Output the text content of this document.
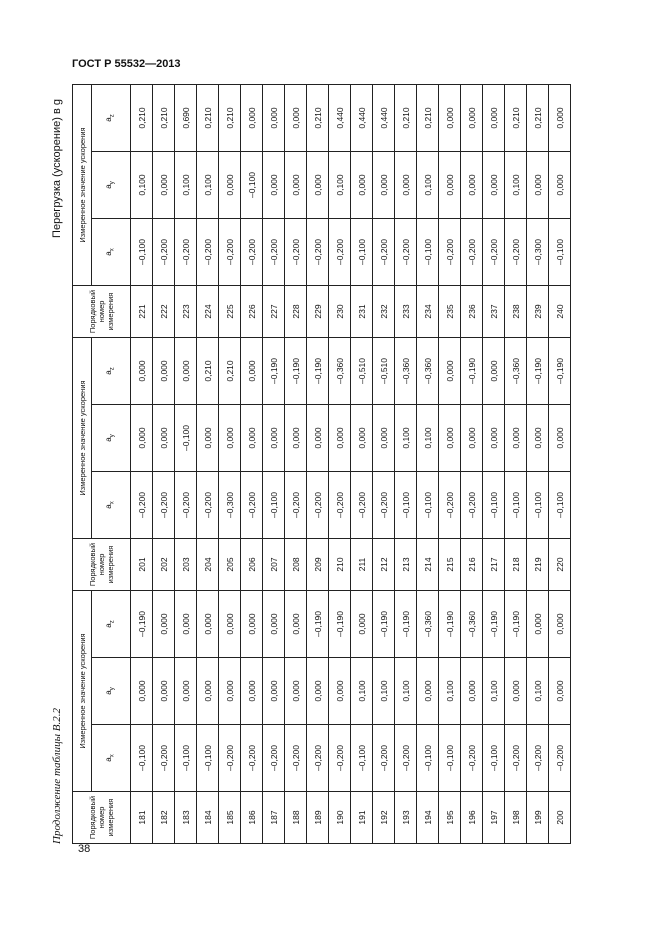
ГОСТ Р 55532—2013
Продолжение таблицы В.2.2
Перегрузка (ускорение) в g
Порядковый номер измерения	Измеренное значение ускорения			Порядковый номер измерения	Измеренное значение ускорения			Порядковый номер измерения	Измеренное значение ускорения		
	$a_x$	$a_y$	$a_z$		$a_x$	$a_y$	$a_z$		$a_x$	$a_y$	$a_z$
181	–0,100	0,000	–0,190	201	–0,200	0,000	0,000	221	–0,100	0,100	0,210
182	–0,200	0,000	0,000	202	–0,200	0,000	0,000	222	–0,200	0,000	0,210
183	–0,100	0,000	0,000	203	–0,200	–0,100	0,000	223	–0,200	0,100	0,690
184	–0,100	0,000	0,000	204	–0,200	0,000	0,210	224	–0,200	0,100	0,210
185	–0,200	0,000	0,000	205	–0,300	0,000	0,210	225	–0,200	0,000	0,210
186	–0,200	0,000	0,000	206	–0,200	0,000	0,000	226	–0,200	–0,100	0,000
187	–0,200	0,000	0,000	207	–0,100	0,000	–0,190	227	–0,200	0,000	0,000
188	–0,200	0,000	0,000	208	–0,200	0,000	–0,190	228	–0,200	0,000	0,000
189	–0,200	0,000	–0,190	209	–0,200	0,000	–0,190	229	–0,200	0,000	0,210
190	–0,200	0,000	–0,190	210	–0,200	0,000	–0,360	230	–0,200	0,100	0,440
191	–0,100	0,100	0,000	211	–0,200	0,000	–0,510	231	–0,100	0,000	0,440
192	–0,200	0,100	–0,190	212	–0,200	0,000	–0,510	232	–0,200	0,000	0,440
193	–0,200	0,100	–0,190	213	–0,100	0,100	–0,360	233	–0,200	0,000	0,210
194	–0,100	0,000	–0,360	214	–0,100	0,100	–0,360	234	–0,100	0,100	0,210
195	–0,100	0,100	–0,190	215	–0,200	0,000	0,000	235	–0,200	0,000	0,000
196	–0,200	0,000	–0,360	216	–0,200	0,000	–0,190	236	–0,200	0,000	0,000
197	–0,100	0,100	–0,190	217	–0,100	0,000	0,000	237	–0,200	0,000	0,000
198	–0,200	0,000	–0,190	218	–0,100	0,000	–0,360	238	–0,200	0,100	0,210
199	–0,200	0,100	0,000	219	–0,100	0,000	–0,190	239	–0,300	0,000	0,210
200	–0,200	0,000	0,000	220	–0,100	0,000	–0,190	240	–0,100	0,000	0,000
38
